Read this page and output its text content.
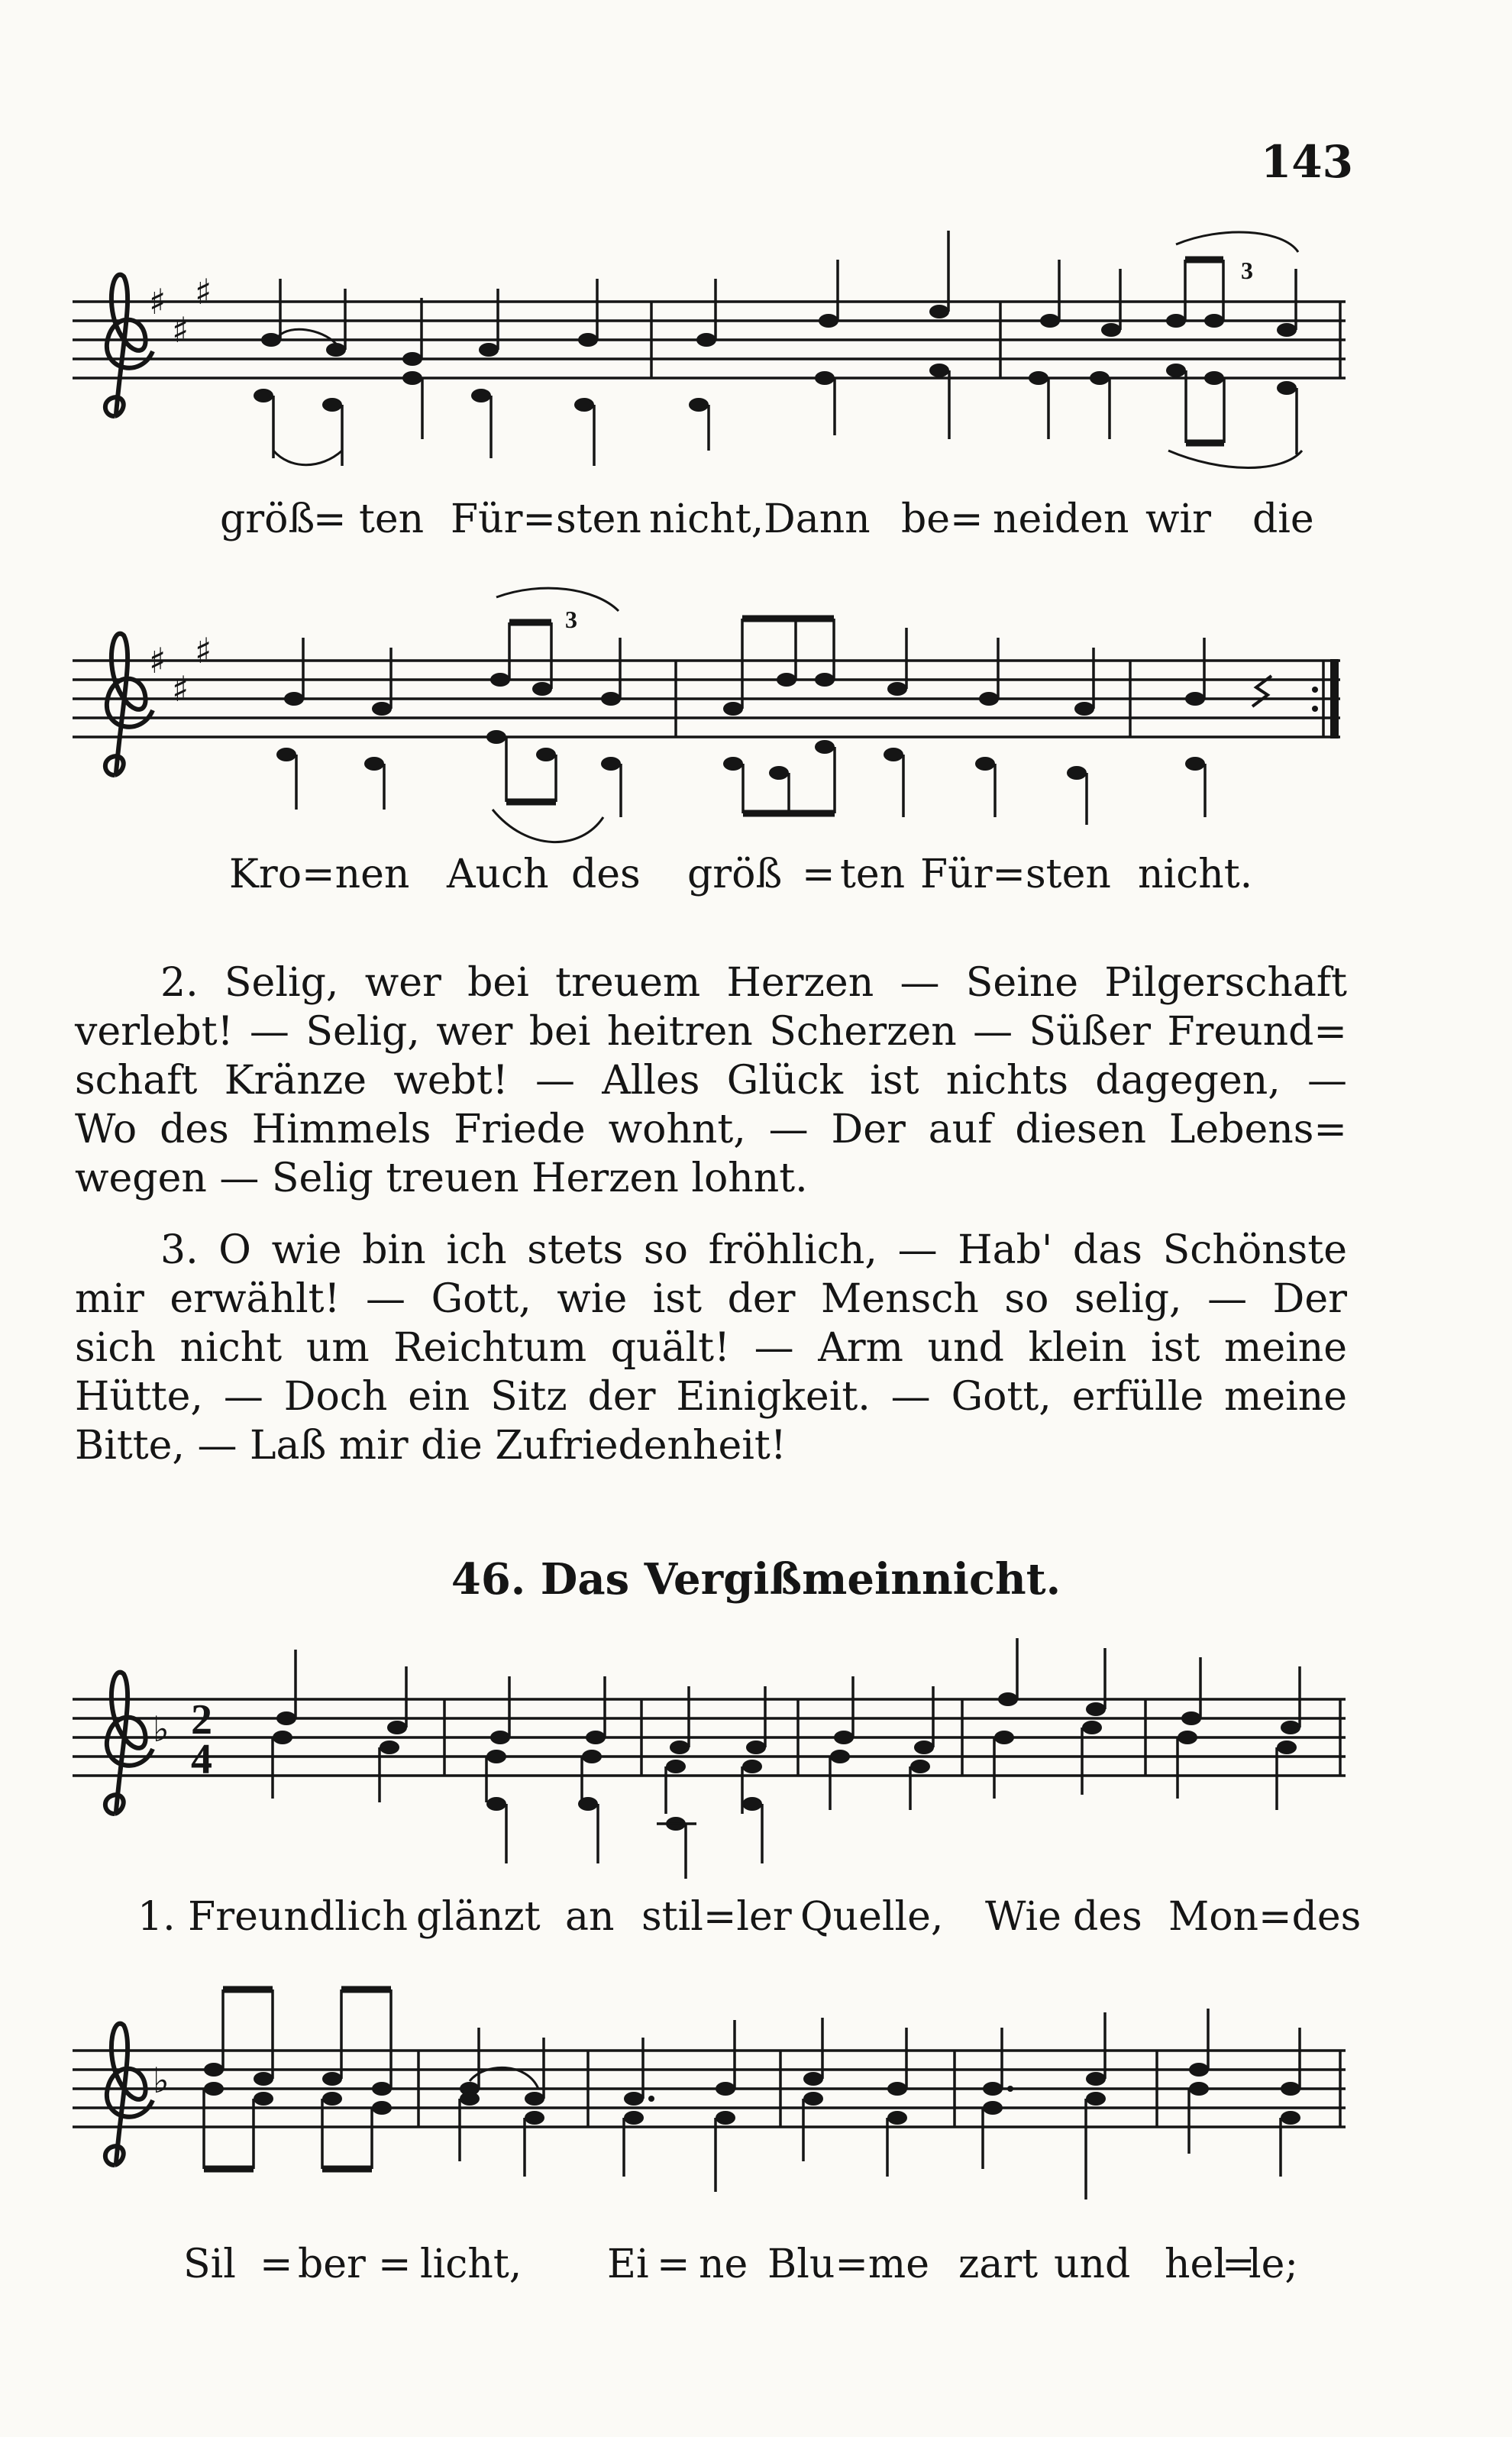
143
♯
♯
♯
3
größ
= ten Für=sten nicht, Dann be= neiden wir die
♯
♯
♯
3
Kro=nen Auch des größ = ten Für=sten nicht.
2. Selig, wer bei treuem Herzen — Seine Pilgerschaft
verlebt! — Selig, wer bei heitren Scherzen — Süßer Freund=
schaft Kränze webt! — Alles Glück ist nichts dagegen, —
Wo des Himmels Friede wohnt, — Der auf diesen Lebens=
wegen — Selig treuen Herzen lohnt.
3. O wie bin ich stets so fröhlich, — Hab' das Schönste
mir erwählt! — Gott, wie ist der Mensch so selig, — Der
sich nicht um Reichtum quält! — Arm und klein ist meine
Hütte, — Doch ein Sitz der Einigkeit. — Gott, erfülle meine
Bitte, — Laß mir die Zufriedenheit!
46. Das Vergißmeinnicht.
♭ 2
4
1. Freundlich glänzt an stil=ler Quelle, Wie des Mon=des
♭
Sil = ber = licht, Ei = ne Blu=me zart und hel
=
le;
